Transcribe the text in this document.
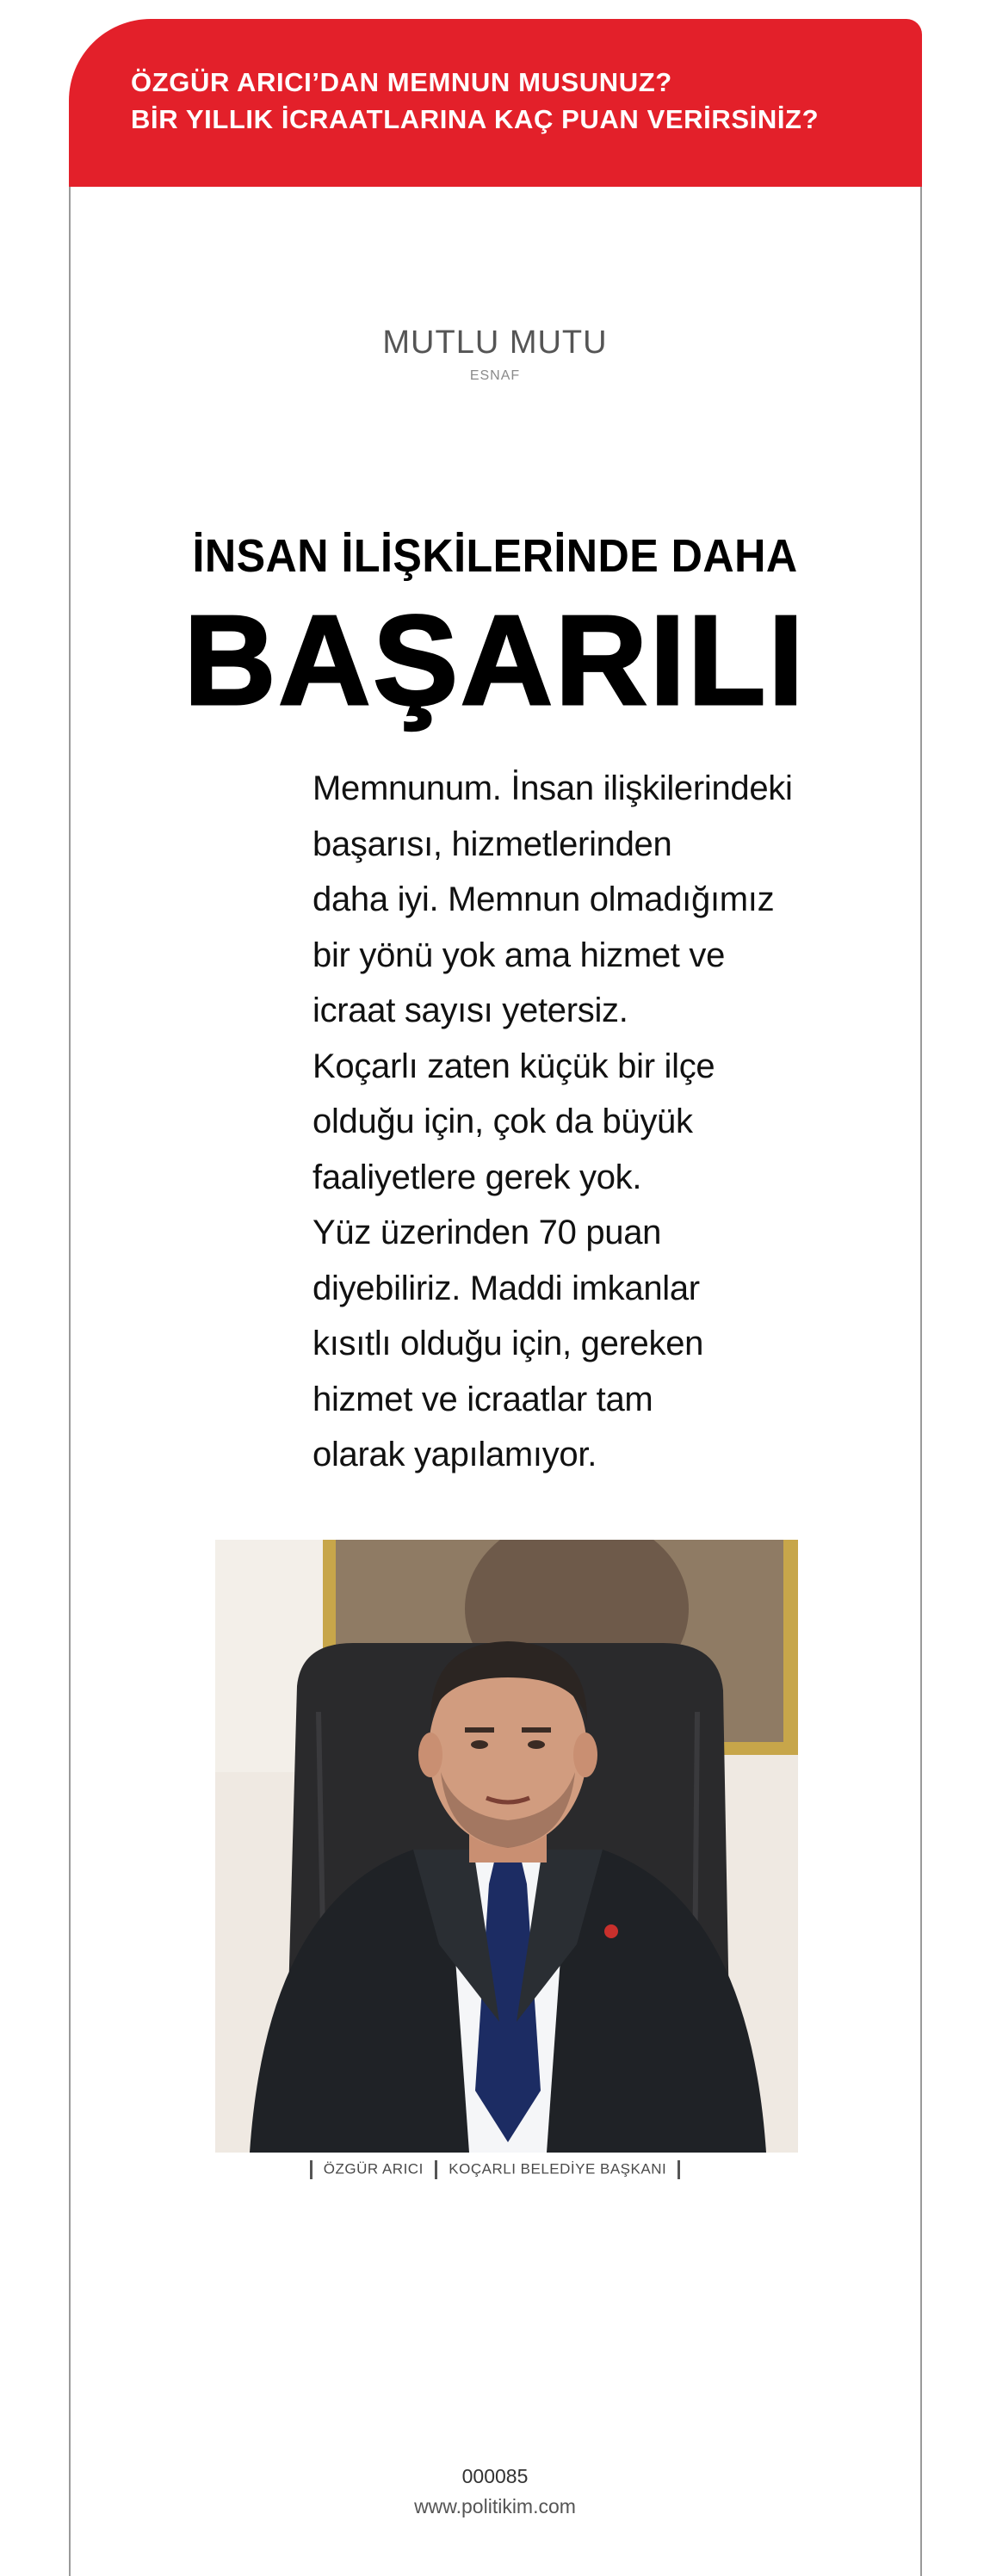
ÖZGÜR ARICI’DAN MEMNUN MUSUNUZ?
BİR YILLIK İCRAATLARINA KAÇ PUAN VERİRSİNİZ?
MUTLU MUTU
ESNAF
İNSAN İLİŞKİLERİNDE DAHA
BAŞARILI
Memnunum. İnsan ilişkilerindeki
başarısı, hizmetlerinden
daha iyi. Memnun olmadığımız
bir yönü yok ama hizmet ve
icraat sayısı yetersiz.
Koçarlı zaten küçük bir ilçe
olduğu için, çok da büyük
faaliyetlere gerek yok.
Yüz üzerinden 70 puan
diyebiliriz. Maddi imkanlar
kısıtlı olduğu için, gereken
hizmet ve icraatlar tam
olarak yapılamıyor.
ÖZGÜR ARICI KOÇARLI BELEDİYE BAŞKANI
000085
www.politikim.com
